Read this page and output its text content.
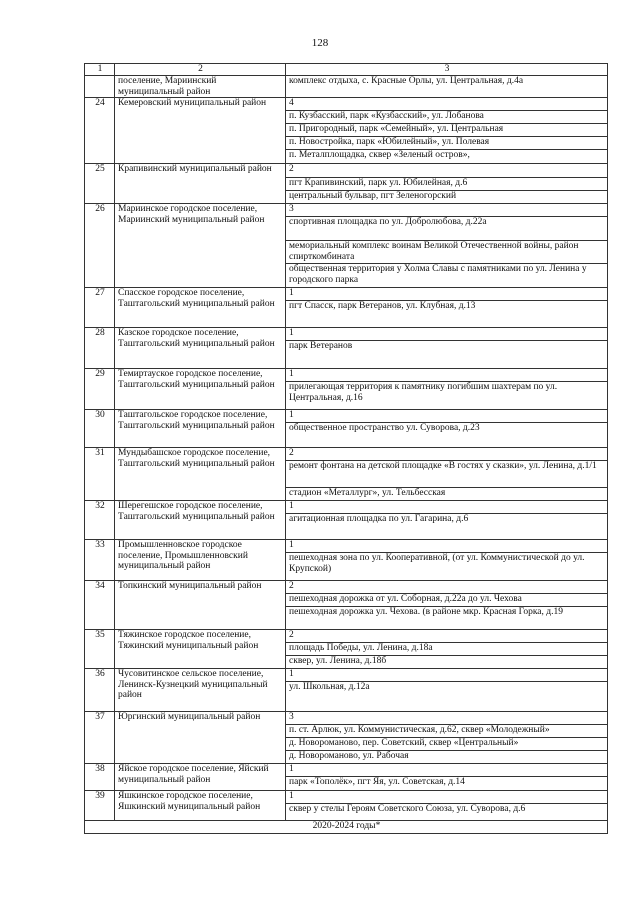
128
1	2	3
	поселение, Мариинский муниципальный район	комплекс отдыха, с. Красные Орлы, ул. Центральная, д.4а
24	Кемеровский муниципальный район	4
		п. Кузбасский, парк «Кузбасский», ул. Лобанова
		п. Пригородный, парк «Семейный», ул. Центральная
		п. Новостройка, парк «Юбилейный», ул. Полевая
		п. Металплощадка, сквер «Зеленый остров»,
25	Крапивинский муниципальный район	2
		пгт Крапивинский, парк ул. Юбилейная, д.6
		центральный бульвар, пгт Зеленогорский
26	Мариинское городское поселение, Мариинский муниципальный район	3
		спортивная площадка по ул. Добролюбова, д.22а
		мемориальный комплекс воинам Великой Отечественной войны, район спирткомбината
		общественная территория у Холма Славы с памятниками по ул. Ленина у городского парка
27	Спасское городское поселение, Таштагольский муниципальный район	1
		пгт Спасск, парк Ветеранов, ул. Клубная, д.13
28	Казское городское поселение, Таштагольский муниципальный район	1
		парк Ветеранов
29	Темиртауское городское поселение, Таштагольский муниципальный район	1
		прилегающая территория к памятнику погибшим шахтерам по ул. Центральная, д.16
30	Таштагольское городское поселение, Таштагольский муниципальный район	1
		общественное пространство ул. Суворова, д.23
31	Мундыбашское городское поселение, Таштагольский муниципальный район	2
		ремонт фонтана на детской площадке «В гостях у сказки», ул. Ленина, д.1/1
		стадион «Металлург», ул. Тельбесская
32	Шерегешское городское поселение, Таштагольский муниципальный район	1
		агитационная площадка по ул. Гагарина, д.6
33	Промышленновское городское поселение, Промышленновский муниципальный район	1
		пешеходная зона по ул. Кооперативной, (от ул. Коммунистической до ул. Крупской)
34	Топкинский муниципальный район	2
		пешеходная дорожка от ул. Соборная, д.22а до ул. Чехова
		пешеходная дорожка ул. Чехова. (в районе мкр. Красная Горка, д.19
35	Тяжинское городское поселение, Тяжинский муниципальный район	2
		площадь Победы, ул. Ленина, д.18а
		сквер, ул. Ленина, д.18б
36	Чусовитинское сельское поселение, Ленинск-Кузнецкий муниципальный район	1
		ул. Школьная, д.12а
37	Юргинский муниципальный район	3
		п. ст. Арлюк, ул. Коммунистическая, д.62, сквер «Молодежный»
		д. Новороманово, пер. Советский, сквер «Центральный»
		д. Новороманово, ул. Рабочая
38	Яйское городское поселение, Яйский муниципальный район	1
		парк «Тополёк», пгт Яя, ул. Советская, д.14
39	Яшкинское городское поселение, Яшкинский муниципальный район	1
		сквер у стелы Героям Советского Союза, ул. Суворова, д.6
2020-2024 годы*		
